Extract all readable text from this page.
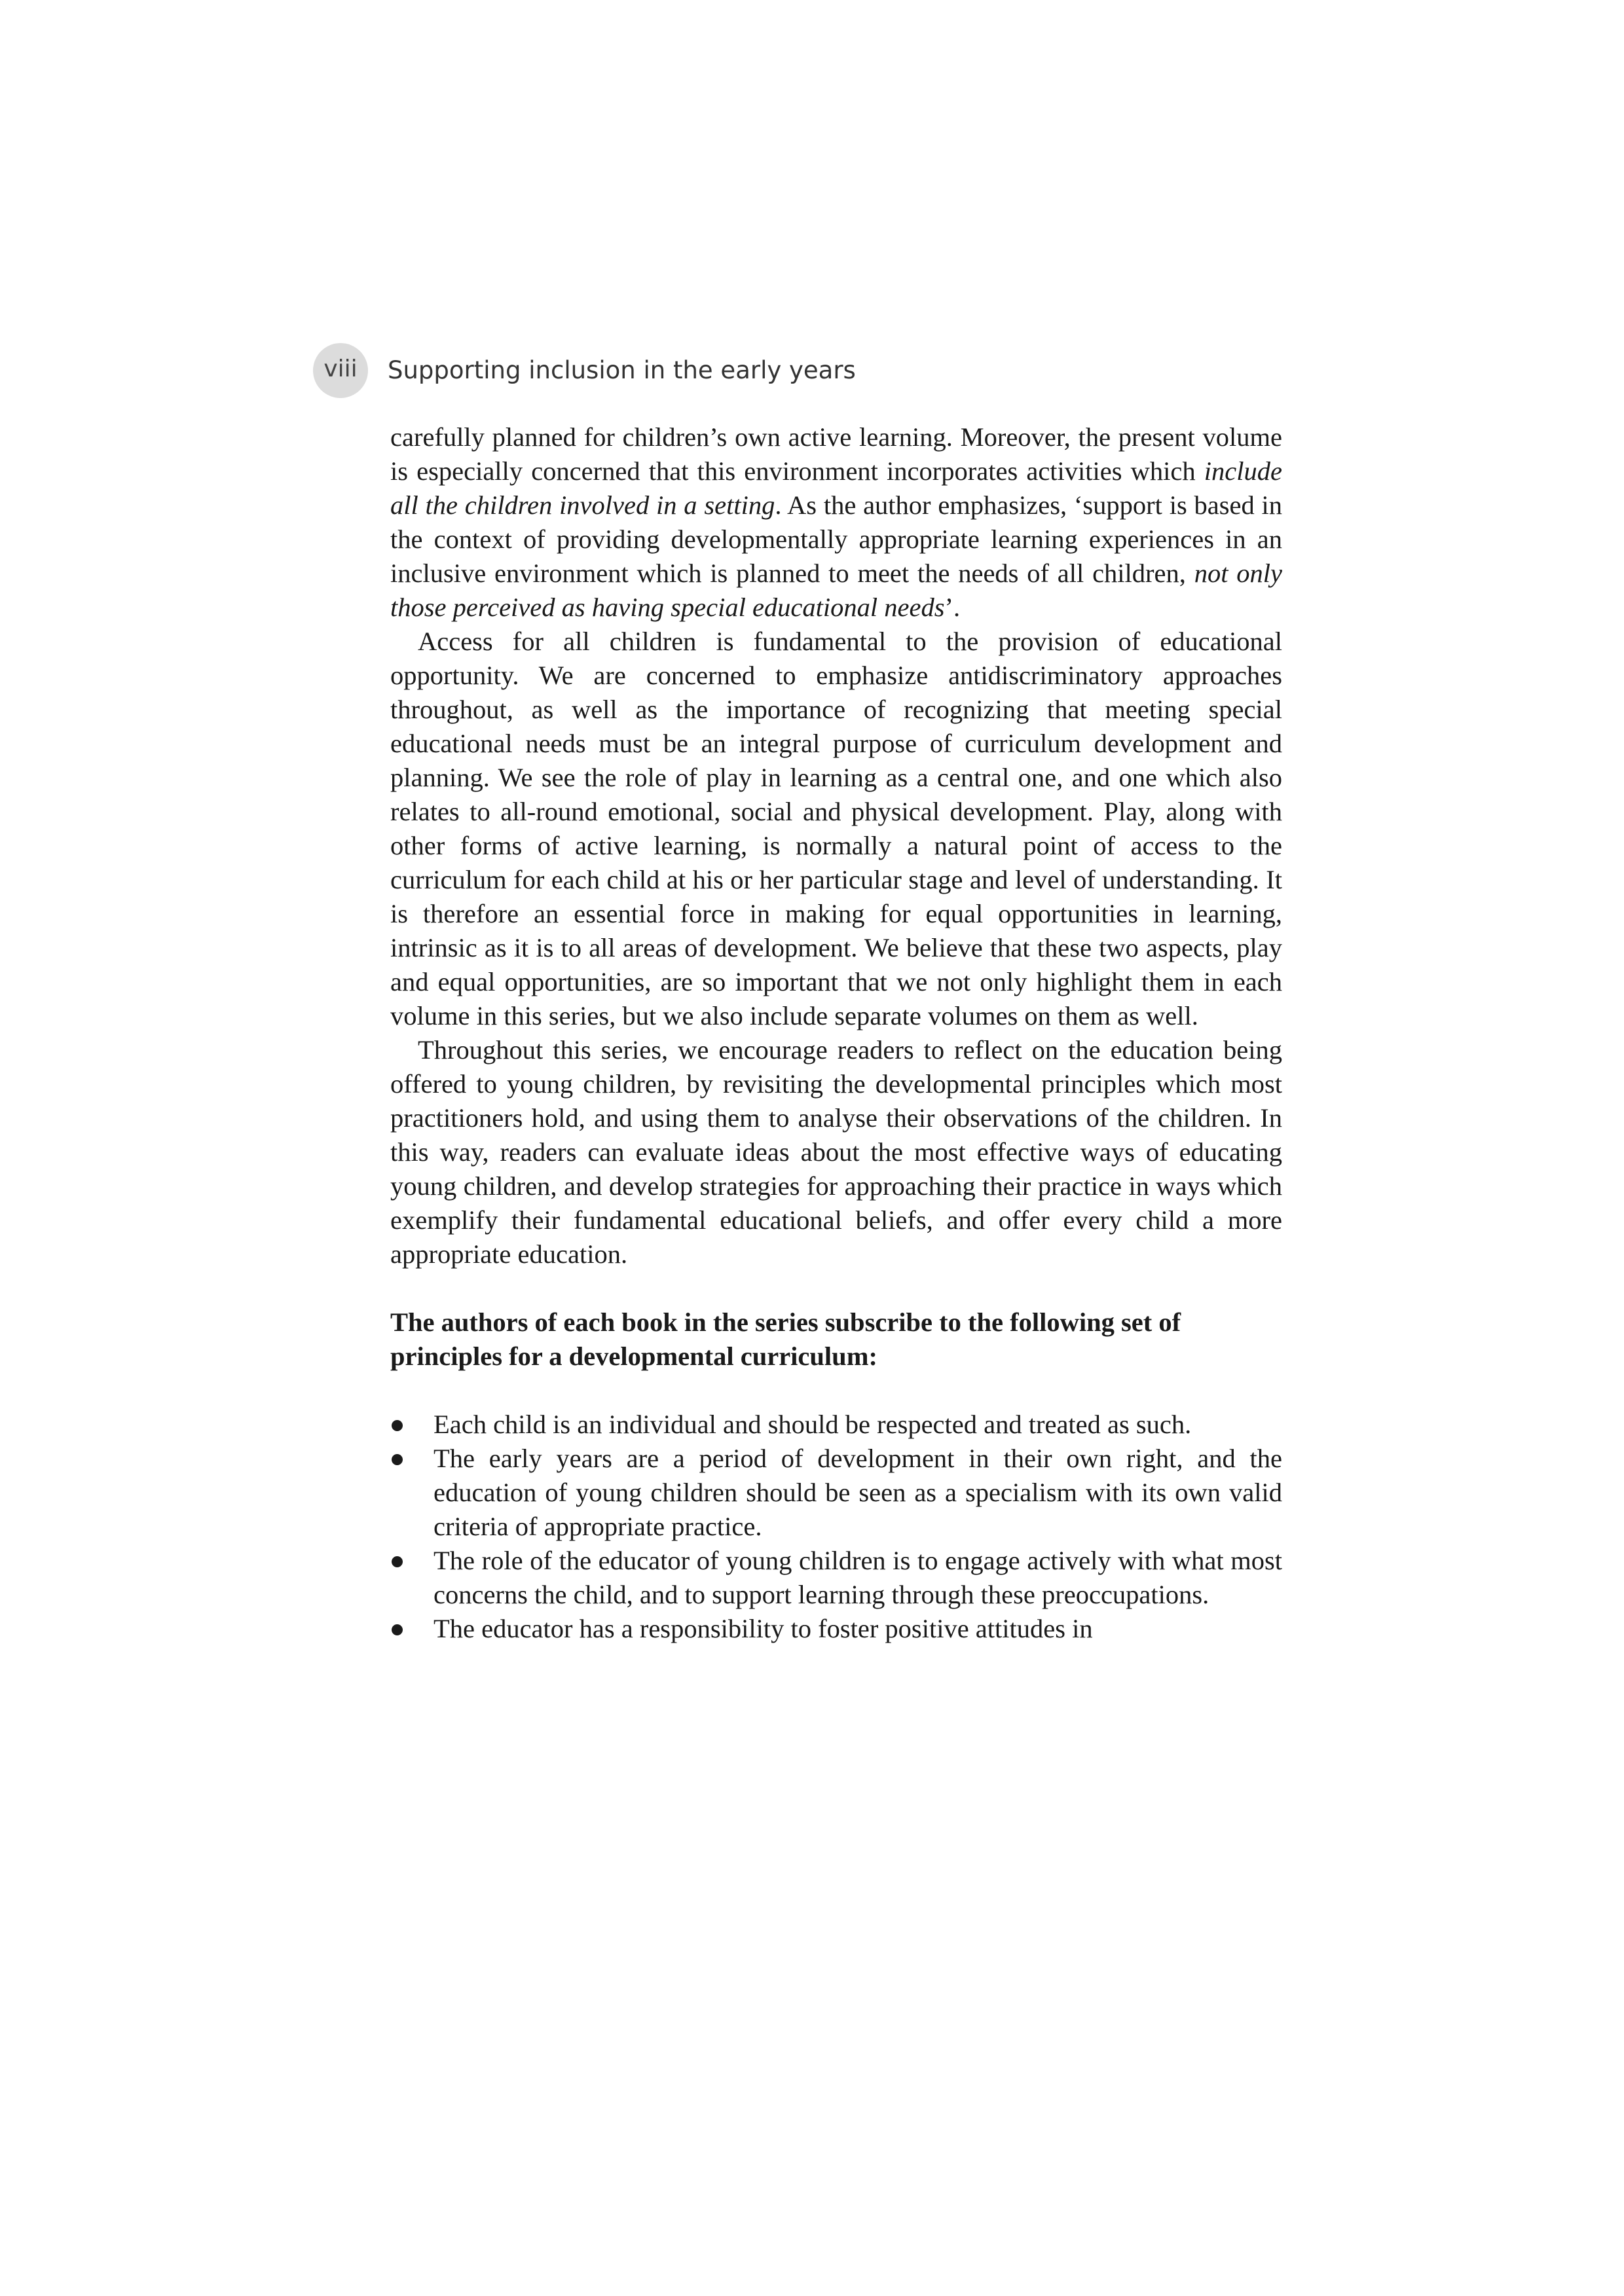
viii	Supporting inclusion in the early years

carefully planned for children’s own active learning. Moreover, the present volume is especially concerned that this environment incorporates activities which include all the children involved in a setting. As the author emphasizes, ‘support is based in the context of providing developmentally appropriate learning experiences in an inclusive environment which is planned to meet the needs of all children, not only those perceived as having special educational needs’.

Access for all children is fundamental to the provision of educational opportunity. We are concerned to emphasize antidiscriminatory approaches throughout, as well as the importance of recognizing that meeting special educational needs must be an integral purpose of curriculum development and planning. We see the role of play in learning as a central one, and one which also relates to all-round emotional, social and physical development. Play, along with other forms of active learning, is normally a natural point of access to the curriculum for each child at his or her particular stage and level of understanding. It is therefore an essential force in making for equal opportunities in learning, intrinsic as it is to all areas of development. We believe that these two aspects, play and equal opportunities, are so important that we not only highlight them in each volume in this series, but we also include separate volumes on them as well.

Throughout this series, we encourage readers to reflect on the education being offered to young children, by revisiting the developmental principles which most practitioners hold, and using them to analyse their observations of the children. In this way, readers can evaluate ideas about the most effective ways of educating young children, and develop strategies for approaching their practice in ways which exemplify their fundamental educational beliefs, and offer every child a more appropriate education.

The authors of each book in the series subscribe to the following set of principles for a developmental curriculum:

Each child is an individual and should be respected and treated as such.
The early years are a period of development in their own right, and the education of young children should be seen as a specialism with its own valid criteria of appropriate practice.
The role of the educator of young children is to engage actively with what most concerns the child, and to support learning through these preoccupations.
The educator has a responsibility to foster positive attitudes in
